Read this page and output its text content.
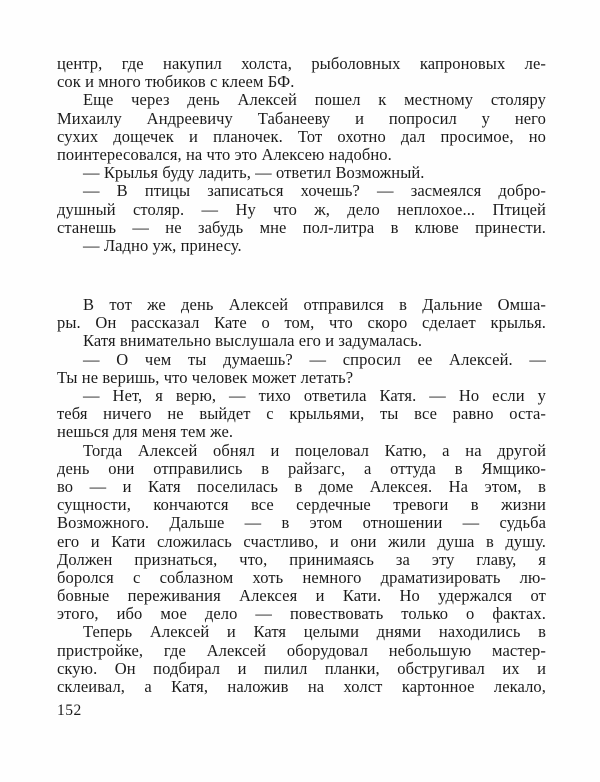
центр, где накупил холста, рыболовных капроновых ле-
сок и много тюбиков с клеем БФ.
Еще через день Алексей пошел к местному столяру
Михаилу Андреевичу Табанееву и попросил у него
сухих дощечек и планочек. Тот охотно дал просимое, но
поинтересовался, на что это Алексею надобно.
— Крылья буду ладить, — ответил Возможный.
— В птицы записаться хочешь? — засмеялся добро-
душный столяр. — Ну что ж, дело неплохое... Птицей
станешь — не забудь мне пол-литра в клюве принести.
— Ладно уж, принесу.
В тот же день Алексей отправился в Дальние Омша-
ры. Он рассказал Кате о том, что скоро сделает крылья.
Катя внимательно выслушала его и задумалась.
— О чем ты думаешь? — спросил ее Алексей. —
Ты не веришь, что человек может летать?
— Нет, я верю, — тихо ответила Катя. — Но если у
тебя ничего не выйдет с крыльями, ты все равно оста-
нешься для меня тем же.
Тогда Алексей обнял и поцеловал Катю, а на другой
день они отправились в райзагс, а оттуда в Ямщико-
во — и Катя поселилась в доме Алексея. На этом, в
сущности, кончаются все сердечные тревоги в жизни
Возможного. Дальше — в этом отношении — судьба
его и Кати сложилась счастливо, и они жили душа в душу.
Должен признаться, что, принимаясь за эту главу, я
боролся с соблазном хоть немного драматизировать лю-
бовные переживания Алексея и Кати. Но удержался от
этого, ибо мое дело — повествовать только о фактах.
Теперь Алексей и Катя целыми днями находились в
пристройке, где Алексей оборудовал небольшую мастер-
скую. Он подбирал и пилил планки, обстругивал их и
склеивал, а Катя, наложив на холст картонное лекало,
152
